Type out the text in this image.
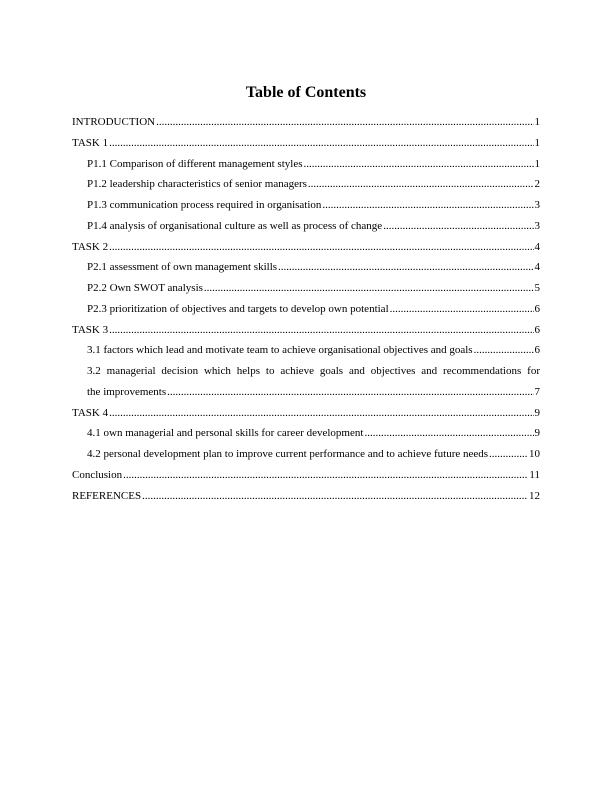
Table of Contents
INTRODUCTION .....	1
TASK 1 .....	1
P1.1 Comparison of different management styles .....	1
P1.2 leadership characteristics of senior managers .....	2
P1.3 communication process required in organisation .....	3
P1.4 analysis of organisational culture as well as process of change .....	3
TASK 2 .....	4
P2.1 assessment of own management skills .....	4
P2.2 Own SWOT analysis .....	5
P2.3 prioritization of objectives and targets to develop own potential .....	6
TASK 3 .....	6
3.1 factors which lead and motivate team to achieve organisational objectives and goals .....	6
3.2 managerial decision which helps to achieve goals and objectives and recommendations for
the improvements .....	7
TASK 4 .....	9
4.1 own managerial and personal skills for career development .....	9
4.2 personal development plan to improve current performance and to achieve future needs .....	10
Conclusion .....	11
REFERENCES .....	12
